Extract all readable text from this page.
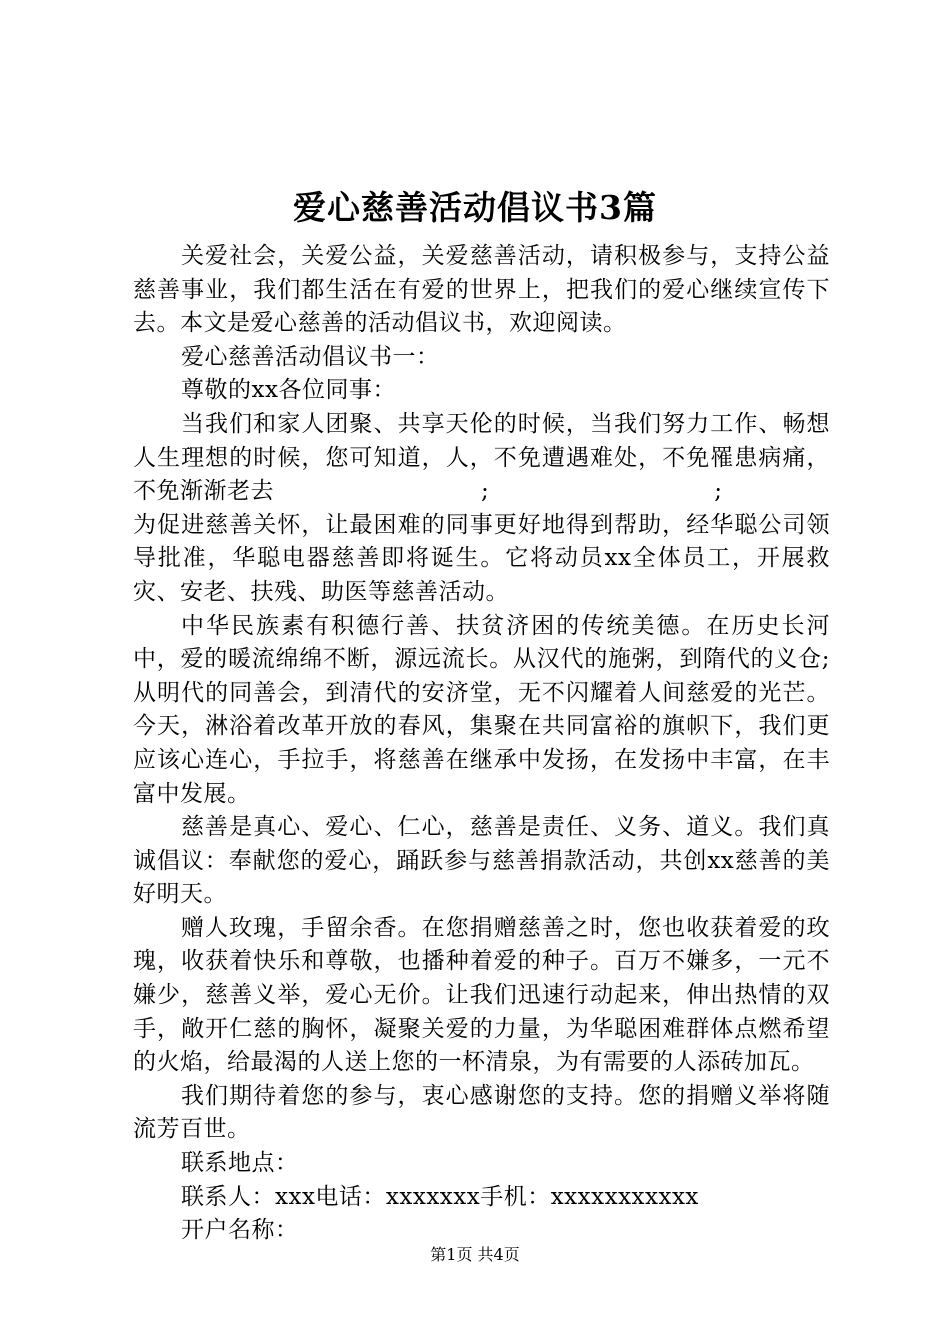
爱心慈善活动倡议书3篇

关爱社会，关爱公益，关爱慈善活动，请积极参与，支持公益慈善事业，我们都生活在有爱的世界上，把我们的爱心继续宣传下去。本文是爱心慈善的活动倡议书，欢迎阅读。

爱心慈善活动倡议书一：

尊敬的xx各位同事：

当我们和家人团聚、共享天伦的时候，当我们努力工作、畅想人生理想的时候，您可知道，人，不免遭遇难处，不免罹患病痛，不免渐渐老去	;	;

为促进慈善关怀，让最困难的同事更好地得到帮助，经华聪公司领导批准，华聪电器慈善即将诞生。它将动员xx全体员工，开展救灾、安老、扶残、助医等慈善活动。

中华民族素有积德行善、扶贫济困的传统美德。在历史长河中，爱的暖流绵绵不断，源远流长。从汉代的施粥，到隋代的义仓;从明代的同善会，到清代的安济堂，无不闪耀着人间慈爱的光芒。今天，淋浴着改革开放的春风，集聚在共同富裕的旗帜下，我们更应该心连心，手拉手，将慈善在继承中发扬，在发扬中丰富，在丰富中发展。

慈善是真心、爱心、仁心，慈善是责任、义务、道义。我们真诚倡议：奉献您的爱心，踊跃参与慈善捐款活动，共创xx慈善的美好明天。

赠人玫瑰，手留余香。在您捐赠慈善之时，您也收获着爱的玫瑰，收获着快乐和尊敬，也播种着爱的种子。百万不嫌多，一元不嫌少，慈善义举，爱心无价。让我们迅速行动起来，伸出热情的双手，敞开仁慈的胸怀，凝聚关爱的力量，为华聪困难群体点燃希望的火焰，给最渴的人送上您的一杯清泉，为有需要的人添砖加瓦。

我们期待着您的参与，衷心感谢您的支持。您的捐赠义举将随流芳百世。

联系地点：

联系人：xxx电话：xxxxxxx手机：xxxxxxxxxxx

开户名称：

第1页 共4页
